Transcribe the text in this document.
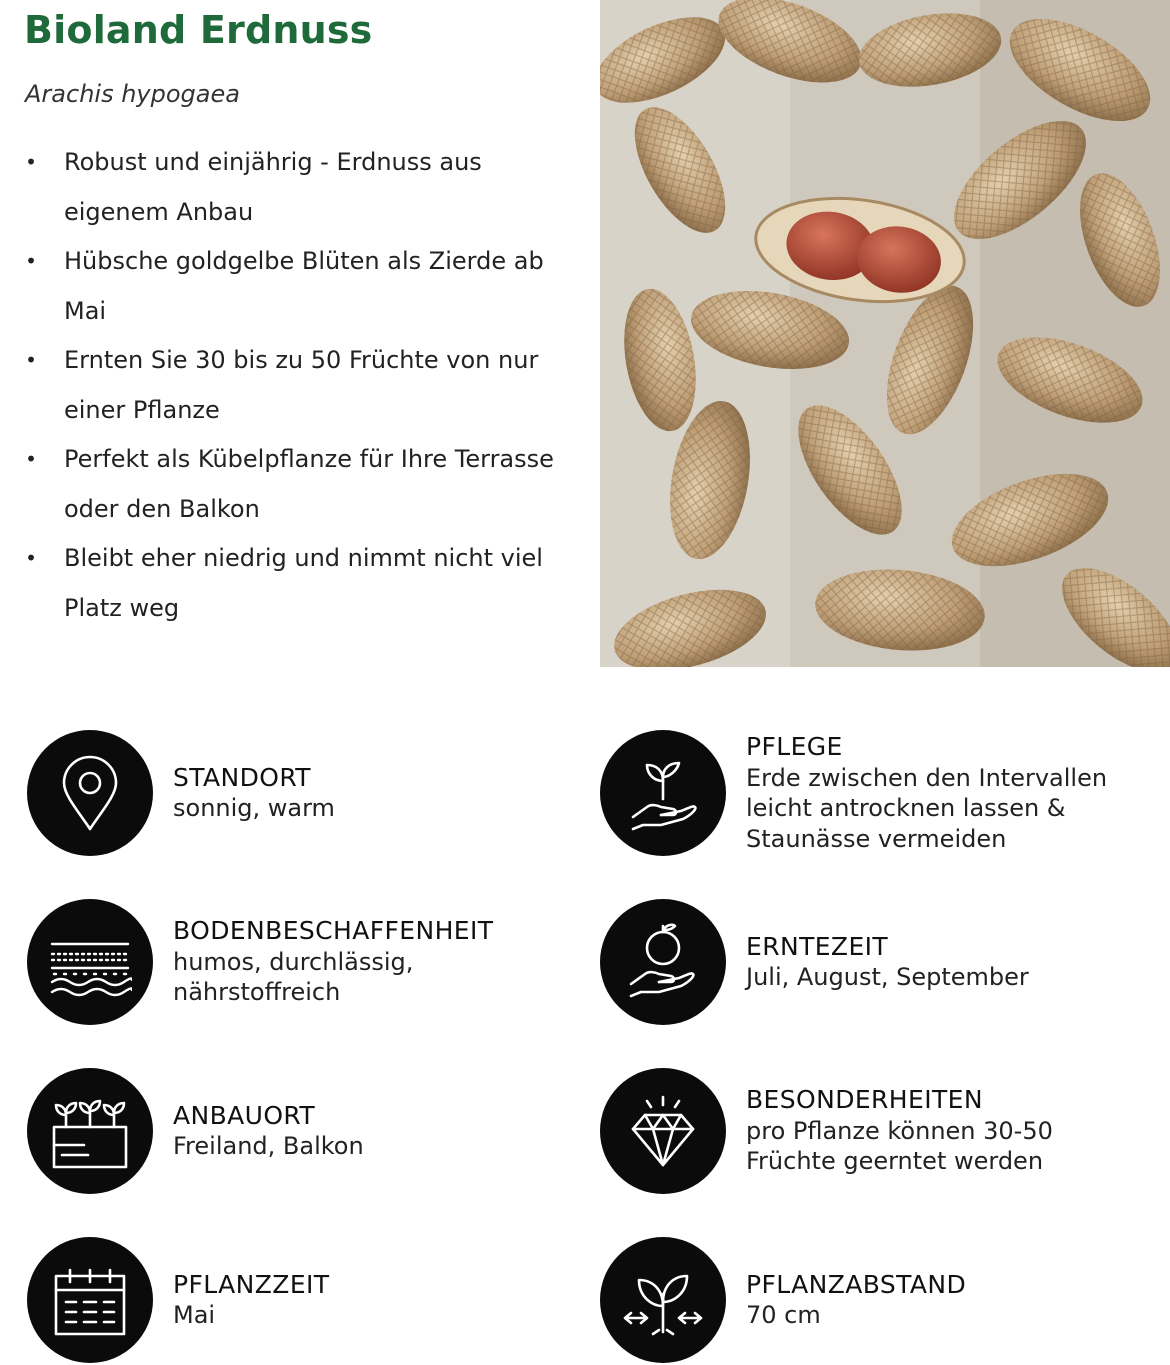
Bioland Erdnuss
Arachis hypogaea
• Robust und einjährig - Erdnuss aus eigenem Anbau
• Hübsche goldgelbe Blüten als Zierde ab Mai
• Ernten Sie 30 bis zu 50 Früchte von nur einer Pflanze
• Perfekt als Kübelpflanze für Ihre Terrasse oder den Balkon
• Bleibt eher niedrig und nimmt nicht viel Platz weg
STANDORT
sonnig, warm
PFLEGE
Erde zwischen den Intervallen
leicht antrocknen lassen &
Staunässe vermeiden
BODENBESCHAFFENHEIT
humos, durchlässig,
nährstoffreich
ERNTEZEIT
Juli, August, September
ANBAUORT
Freiland, Balkon
BESONDERHEITEN
pro Pflanze können 30-50
Früchte geerntet werden
PFLANZZEIT
Mai
PFLANZABSTAND
70 cm
